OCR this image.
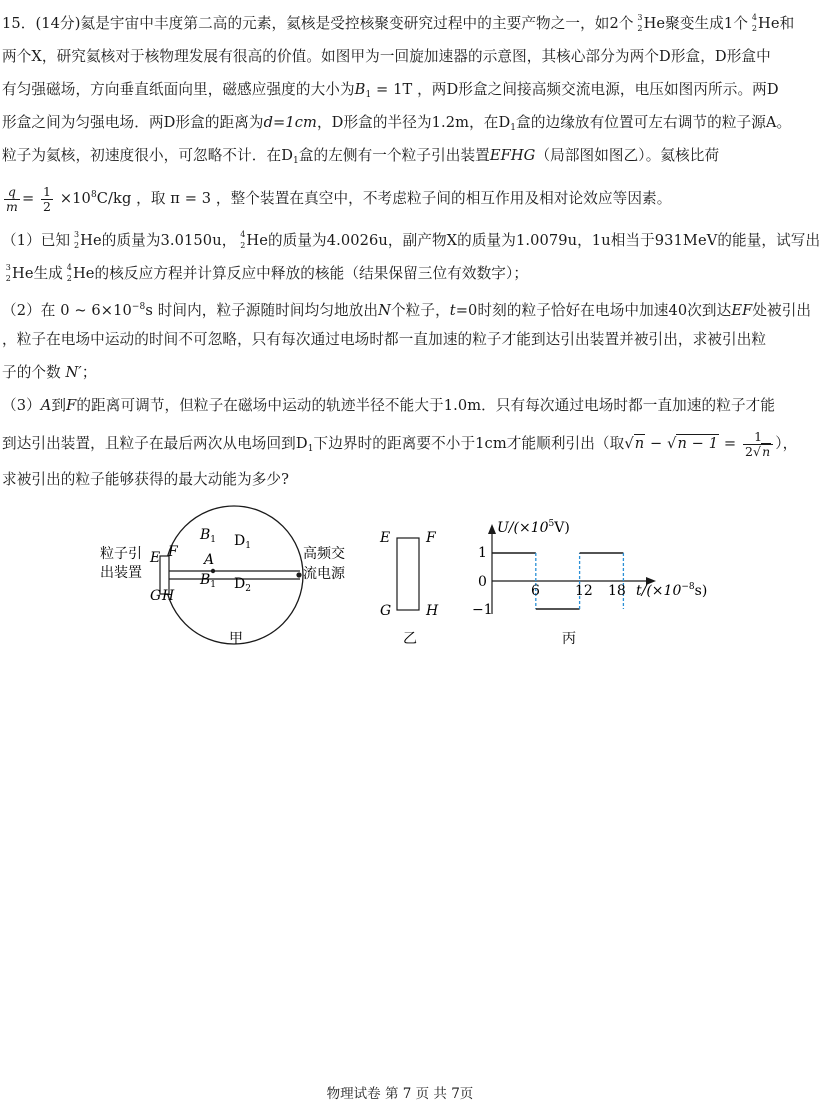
15．(14分)氦是宇宙中丰度第二高的元素，氦核是受控核聚变研究过程中的主要产物之一，如2个 3
2 He聚变生成1个 4
2 He和
两个X，研究氦核对于核物理发展有很高的价值。如图甲为一回旋加速器的示意图，其核心部分为两个D形盒，D形盒中
有匀强磁场，方向垂直纸面向里，磁感应强度的大小为$B_1 = 1T$ ，两D形盒之间接高频交流电源，电压如图丙所示。两D
形盒之间为匀强电场．两D形盒的距离为d=1cm，D形盒的半径为1.2m，在$D_1$盒的边缘放有位置可左右调节的粒子源A。
粒子为氦核，初速度很小，可忽略不计．在$D_1$盒的左侧有一个粒子引出装置EFHG（局部图如图乙）。氦核比荷
$\frac{q}{m} = \frac{1}{2} \times 10^8C/kg$ ，取 π = 3 ，整个装置在真空中，不考虑粒子间的相互作用及相对论效应等因素。
（1）已知 3
2 He的质量为3.0150u， 4
2 He的质量为4.0026u，副产物X的质量为1.0079u，1u相当于931MeV的能量，试写出
3
2 He生成 4
2 He的核反应方程并计算反应中释放的核能（结果保留三位有效数字）；
（2）在 0 ~ $6\times 10^{-8}s$ 时间内，粒子源随时间均匀地放出N个粒子，t=0时刻的粒子恰好在电场中加速40次到达EF处被引出
，粒子在电场中运动的时间不可忽略，只有每次通过电场时都一直加速的粒子才能到达引出装置并被引出，求被引出粒
子的个数 N′；
（3）A到F的距离可调节，但粒子在磁场中运动的轨迹半径不能大于1.0m．只有每次通过电场时都一直加速的粒子才能
到达引出装置，且粒子在最后两次从电场回到$D_1$下边界时的距离要不小于1cm才能顺利引出（取$√n - √n - 1 = \frac{1}{2√n}$ ），
求被引出的粒子能够获得的最大动能为多少?
粒子引
出装置
E F
G H
A
$B_1$ $D_1$
$B_1$ $D_2$
高频交
流电源
甲
E	F
G H
乙
$U/(\times 10^5V)$
1
0
−1
6	12 18 $t/(\times 10^{-8}s)$
丙
物理试卷 第 7 页 共 7页
